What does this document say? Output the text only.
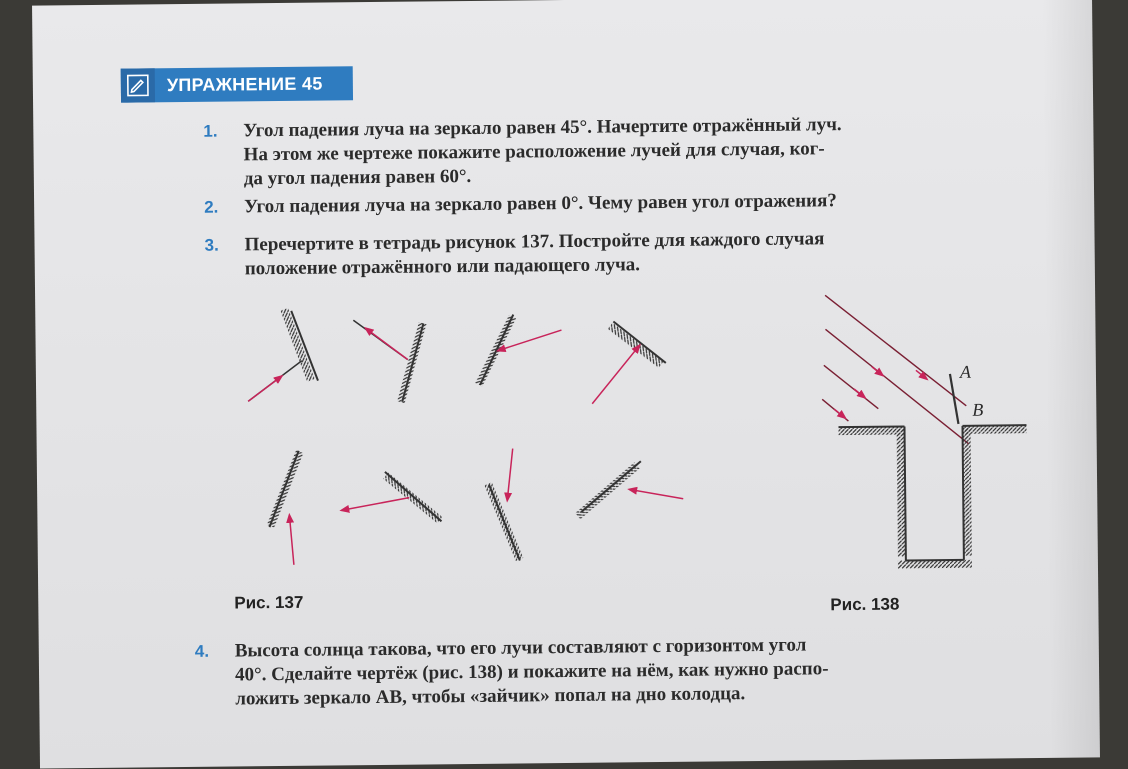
УПРАЖНЕНИЕ 45
1.	Угол падения луча на зеркало равен 45°. Начертите отражённый луч.
На этом же чертеже покажите расположение лучей для случая, ког-
да угол падения равен 60°.
2.	Угол падения луча на зеркало равен 0°. Чему равен угол отражения?
3.	Перечертите в тетрадь рисунок 137. Постройте для каждого случая
положение отражённого или падающего луча.
A
B
Рис. 137	Рис. 138
4.	Высота солнца такова, что его лучи составляют с горизонтом угол
40°. Сделайте чертёж (рис. 138) и покажите на нём, как нужно распо-
ложить зеркало AB, чтобы «зайчик» попал на дно колодца.
